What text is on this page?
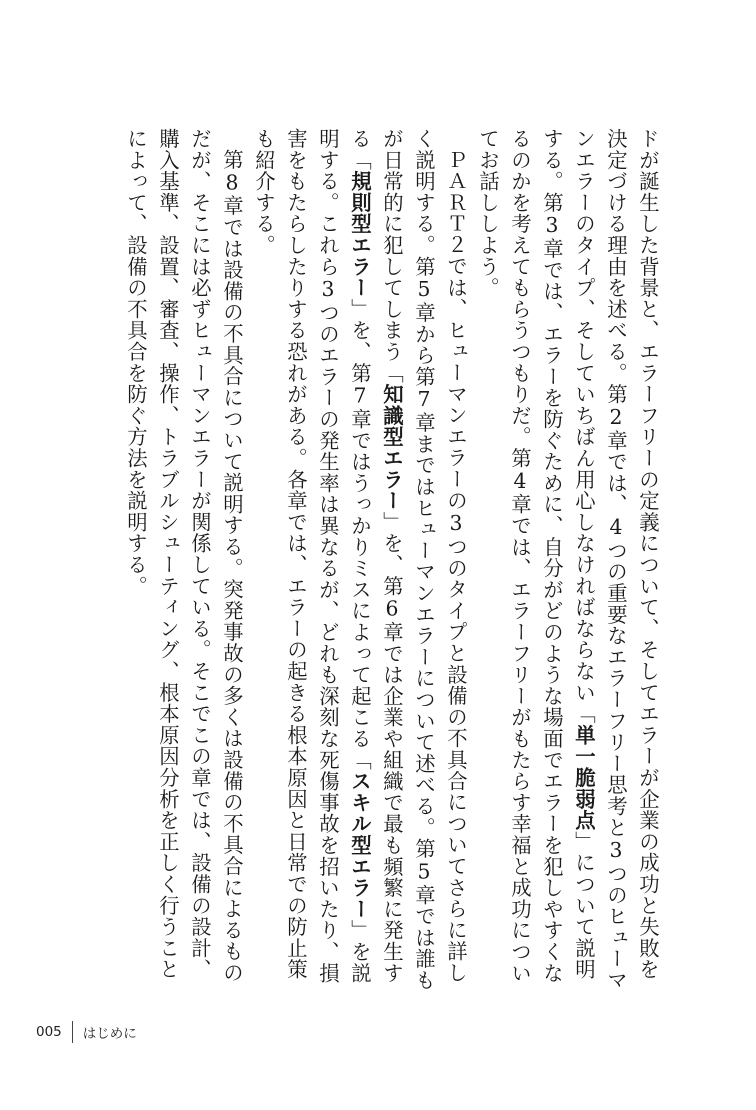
ドが誕生した背景と、エラーフリーの定義について、そしてエラーが企業の成功と失敗を
決定づける理由を述べる。第2章では、4つの重要なエラーフリー思考と3つのヒューマ
ンエラーのタイプ、そしていちばん用心しなければならない「単一脆弱点」について説明
する。第3章では、エラーを防ぐために、自分がどのような場面でエラーを犯しやすくな
るのかを考えてもらうつもりだ。第4章では、エラーフリーがもたらす幸福と成功につい
てお話ししよう。
ＰＡＲＴ２では、ヒューマンエラーの3つのタイプと設備の不具合についてさらに詳し
く説明する。第5章から第7章まではヒューマンエラーについて述べる。第5章では誰も
が日常的に犯してしまう「知識型エラー」を、第6章では企業や組織で最も頻繁に発生す
る「規則型エラー」を、第7章ではうっかりミスによって起こる「スキル型エラー」を説
明する。これら3つのエラーの発生率は異なるが、どれも深刻な死傷事故を招いたり、損
害をもたらしたりする恐れがある。各章では、エラーの起きる根本原因と日常での防止策
も紹介する。
第8章では設備の不具合について説明する。突発事故の多くは設備の不具合によるもの
だが、そこには必ずヒューマンエラーが関係している。そこでこの章では、設備の設計、
購入基準、設置、審査、操作、トラブルシューティング、根本原因分析を正しく行うこと
によって、設備の不具合を防ぐ方法を説明する。
005 はじめに
